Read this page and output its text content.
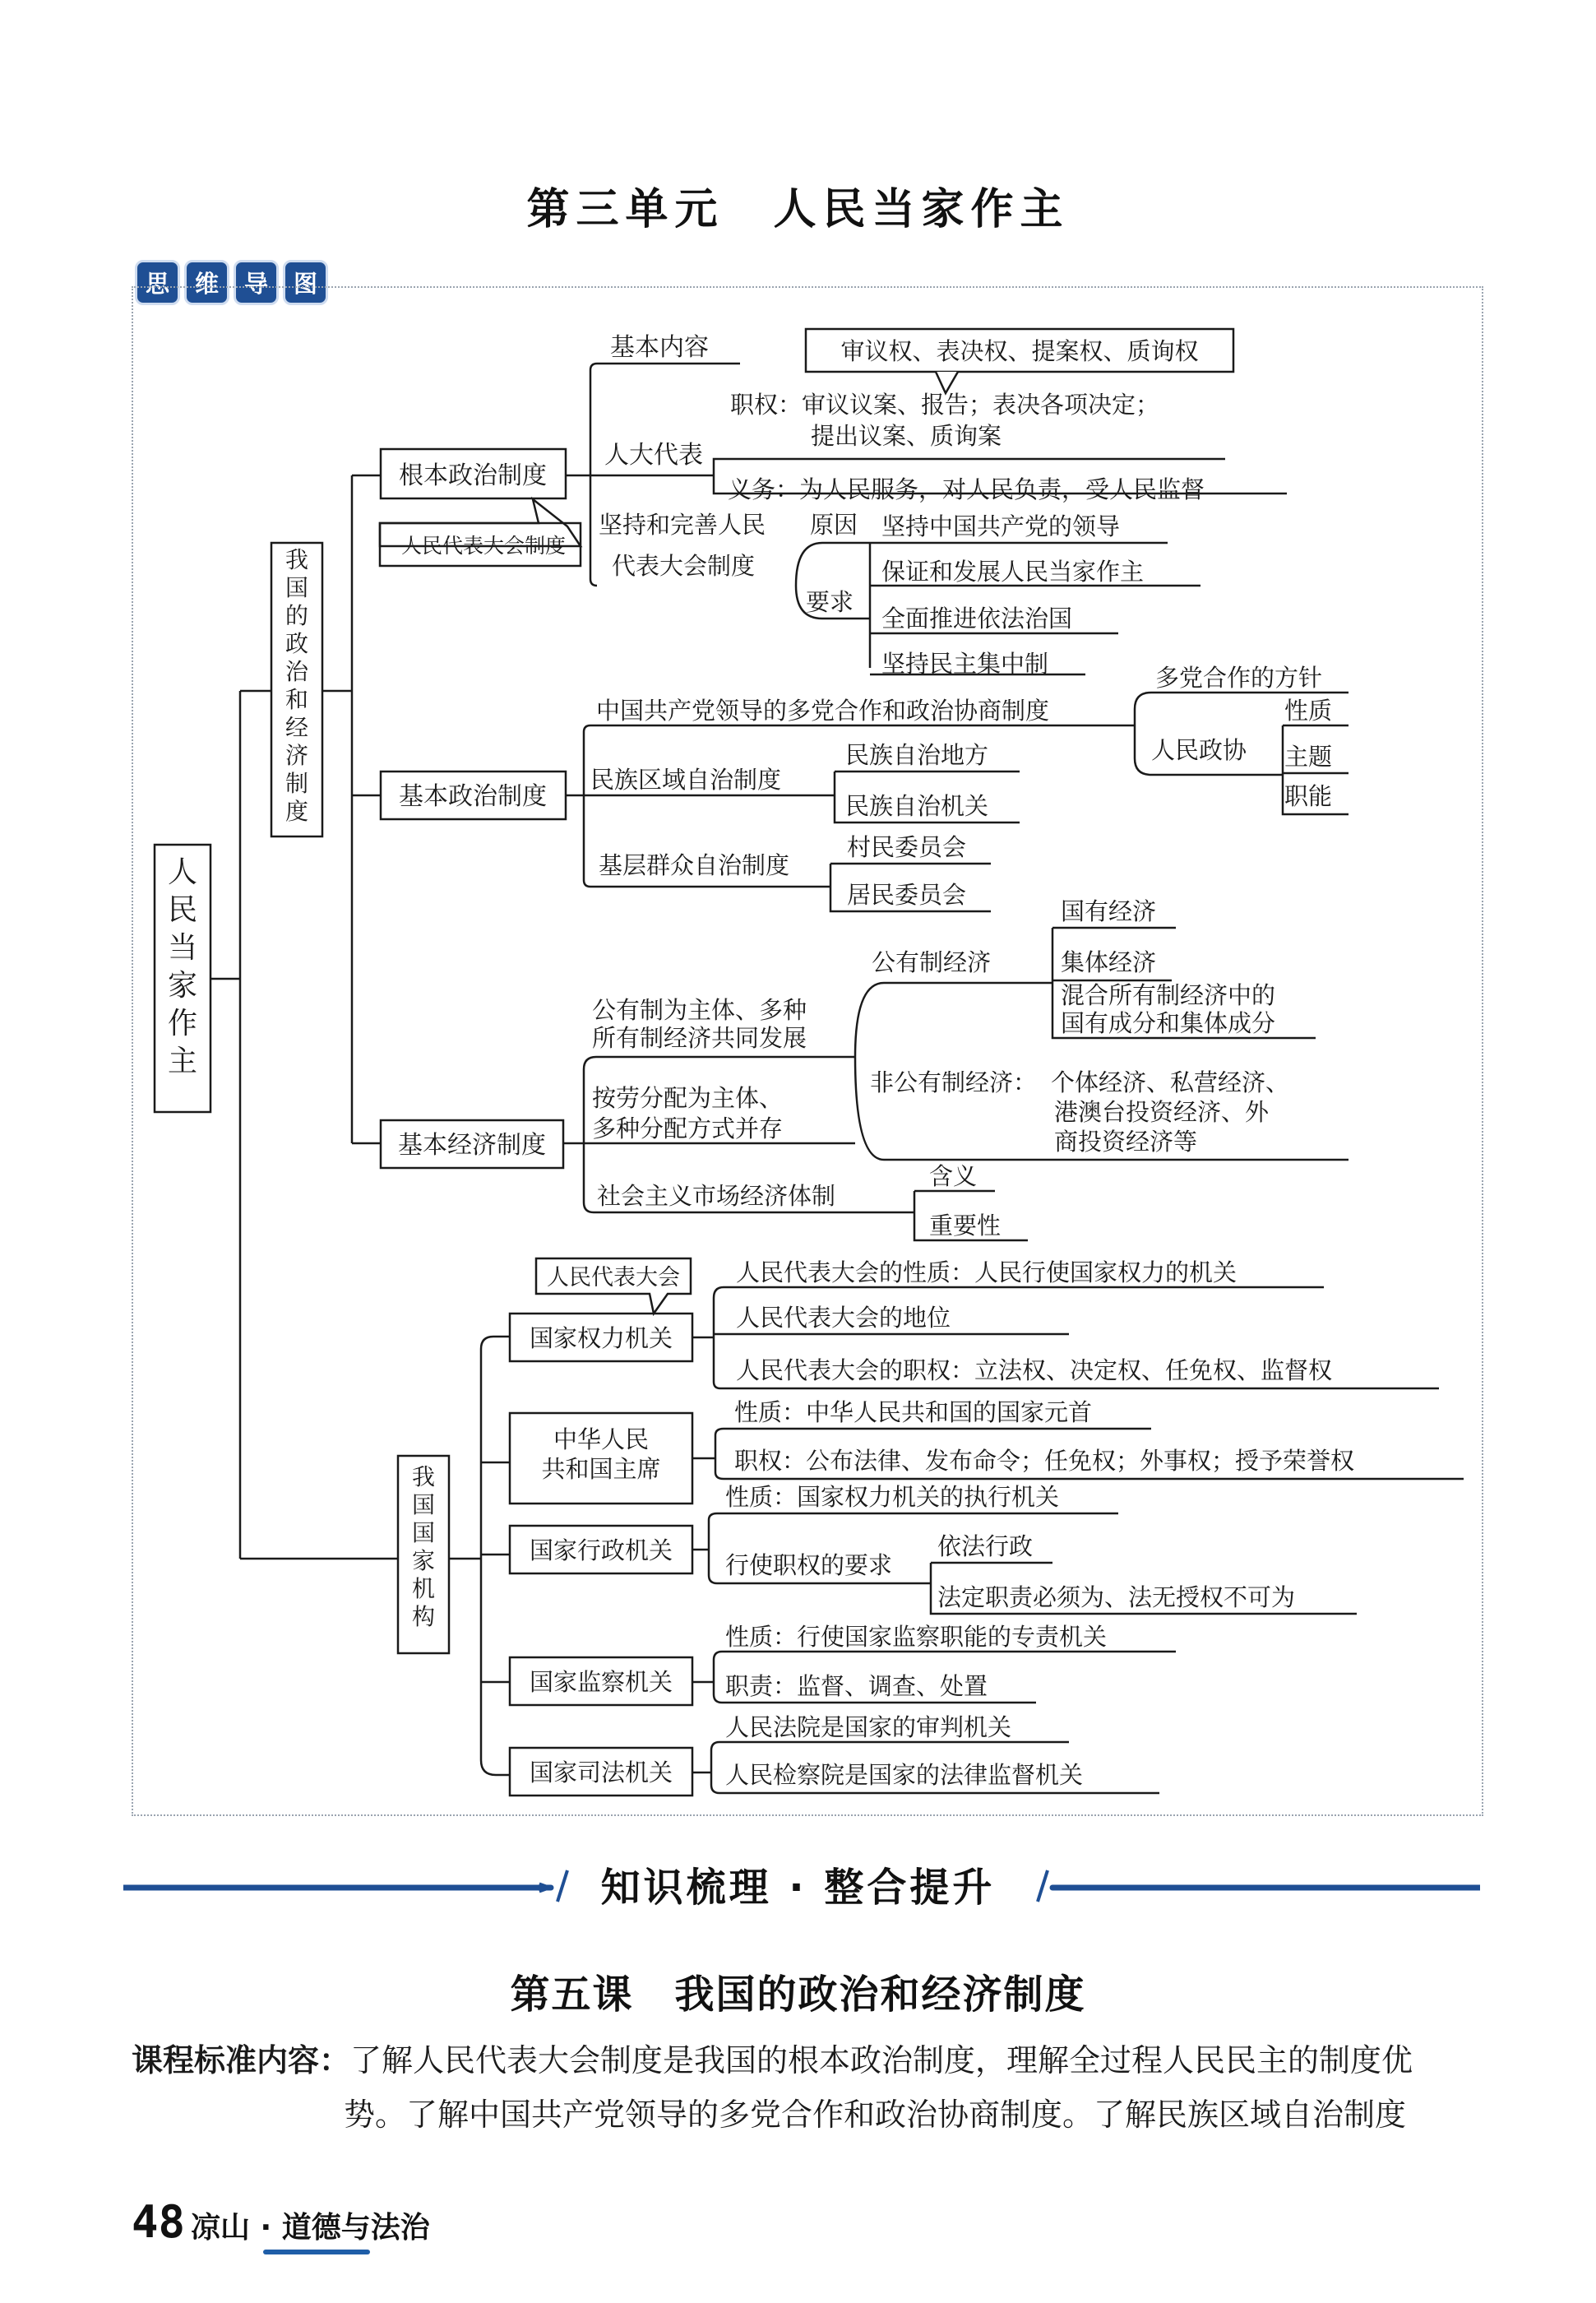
第三单元　人民当家作主
思	维	导	图
人民当家作主
我国的政治和经济制度
根本政治制度
人民代表大会制度
基本内容
人大代表
审议权、表决权、提案权、质询权
职权：审议议案、报告；表决各项决定；
提出议案、质询案
义务：为人民服务，对人民负责，受人民监督
坚持和完善人民
代表大会制度
原因
要求
坚持中国共产党的领导
保证和发展人民当家作主
全面推进依法治国
坚持民主集中制
基本政治制度
中国共产党领导的多党合作和政治协商制度
多党合作的方针
人民政协
性质
主题
职能
民族区域自治制度
民族自治地方
民族自治机关
基层群众自治制度
村民委员会
居民委员会
基本经济制度
公有制为主体、多种
所有制经济共同发展
公有制经济
国有经济
集体经济
混合所有制经济中的
国有成分和集体成分
非公有制经济： 个体经济、私营经济、
港澳台投资经济、外
商投资经济等
按劳分配为主体、
多种分配方式并存
社会主义市场经济体制
含义
重要性
我国国家机构
国家权力机关
人民代表大会 人民代表大会的性质：人民行使国家权力的机关
人民代表大会的地位
人民代表大会的职权：立法权、决定权、任免权、监督权
中华人民
共和国主席
性质：中华人民共和国的国家元首
职权：公布法律、发布命令；任免权；外事权；授予荣誉权
国家行政机关
性质：国家权力机关的执行机关
行使职权的要求
依法行政
法定职责必须为、法无授权不可为
国家监察机关
性质：行使国家监察职能的专责机关
职责：监督、调查、处置
国家司法机关
人民法院是国家的审判机关
人民检察院是国家的法律监督机关
知识梳理 · 整合提升
第五课　我国的政治和经济制度
课程标准内容：了解人民代表大会制度是我国的根本政治制度，理解全过程人民民主的制度优
势。了解中国共产党领导的多党合作和政治协商制度。了解民族区域自治制度
48 凉山 · 道德与法治
